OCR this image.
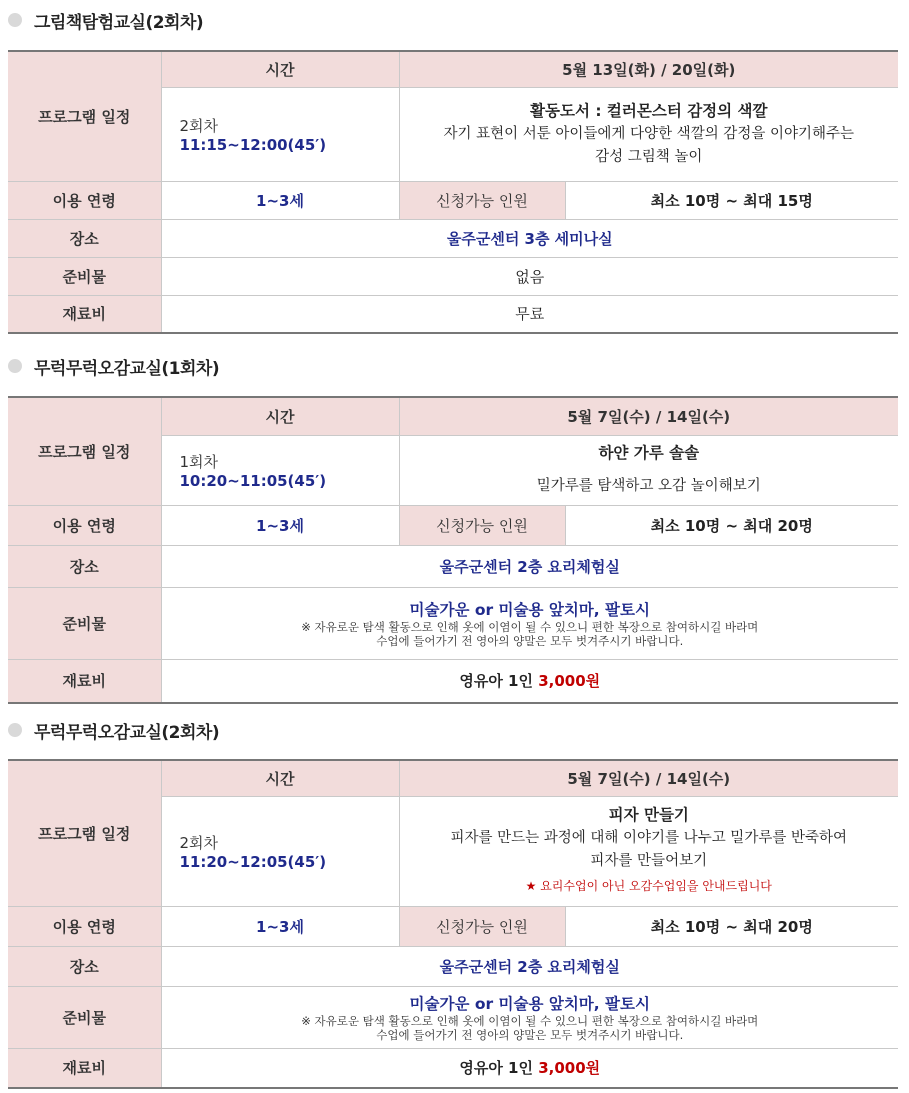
그림책탐험교실(2회차)
프로그램 일정	시간	5월 13일(화) / 20일(화)	
	2회차 11:15~12:00(45′)	활동도서 : 컬러몬스터 감정의 색깔
자기 표현이 서툰 아이들에게 다양한 색깔의 감정을 이야기해주는
감성 그림책 놀이	

이용 연령	1~3세	신청가능 인원	최소 10명 ~ 최대 15명
장소	울주군센터 3층 세미나실		
준비물	없음		
재료비	무료		
무럭무럭오감교실(1회차)
프로그램 일정	시간	5월 7일(수) / 14일(수)	
	1회차 10:20~11:05(45′)	하얀 가루 솔솔
밀가루를 탐색하고 오감 놀이해보기	

이용 연령	1~3세	신청가능 인원	최소 10명 ~ 최대 20명
장소	울주군센터 2층 요리체험실		
준비물	미술가운 or 미술용 앞치마, 팔토시
※ 자유로운 탐색 활동으로 인해 옷에 이염이 될 수 있으니 편한 복장으로 참여하시길 바라며
수업에 들어가기 전 영아의 양말은 모두 벗겨주시기 바랍니다.		

재료비	영유아 1인 3,000원		
무럭무럭오감교실(2회차)
프로그램 일정	시간	5월 7일(수) / 14일(수)	
	2회차 11:20~12:05(45′)	피자 만들기
피자를 만드는 과정에 대해 이야기를 나누고 밀가루를 반죽하여
피자를 만들어보기
★ 요리수업이 아닌 오감수업임을 안내드립니다	

이용 연령	1~3세	신청가능 인원	최소 10명 ~ 최대 20명
장소	울주군센터 2층 요리체험실		
준비물	미술가운 or 미술용 앞치마, 팔토시
※ 자유로운 탐색 활동으로 인해 옷에 이염이 될 수 있으니 편한 복장으로 참여하시길 바라며
수업에 들어가기 전 영아의 양말은 모두 벗겨주시기 바랍니다.		

재료비	영유아 1인 3,000원		
